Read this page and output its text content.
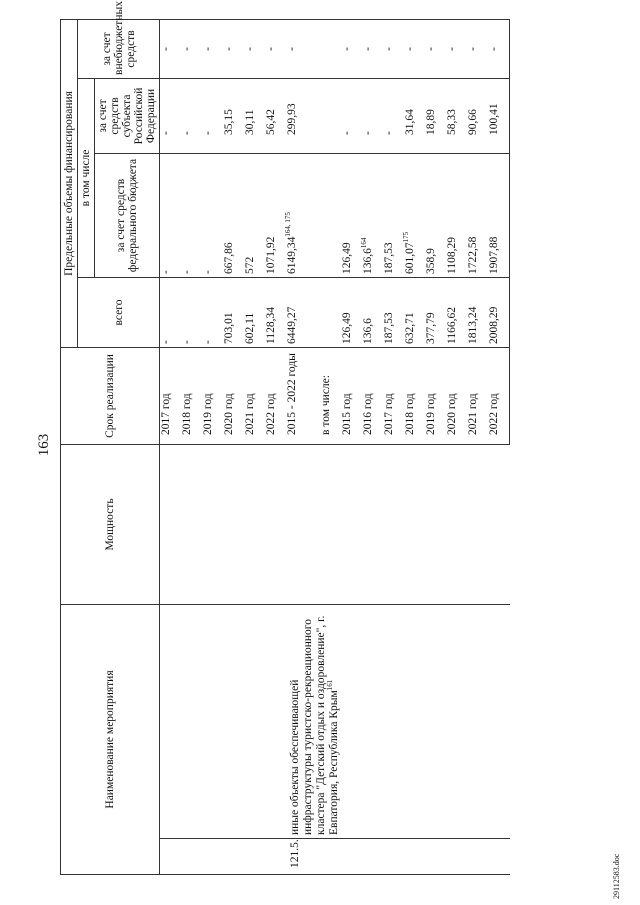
163
Наименование мероприятия		Мощность	Срок реализации	Предельные объемы финансирования			
				всего	в том числе		за счет внебюджетных средств
					за счет средств федерального бюджета	за счет средств субъекта Российской Федерации	
			2017 год	-	-	-	-
			2018 год	-	-	-	-
			2019 год	-	-	-	-
			2020 год	703,01	667,86	35,15	-
			2021 год	602,11	572	30,11	-
			2022 год	1128,34	1071,92	56,42	-
121.5.	иные объекты обеспечивающей инфраструктуры туристско-рекреационного кластера "Детский отдых и оздоровление", г. Евпатория, Республика Крым$^{161}$		2015 - 2022 годы	6449,27	6149,34$^{164, 175}$	299,93	-
			в том числе:				
			2015 год	126,49	126,49	-	-
			2016 год	136,6	136,6$^{164}$	-	-
			2017 год	187,53	187,53	-	-
			2018 год	632,71	601,07$^{175}$	31,64	-
			2019 год	377,79	358,9	18,89	-
			2020 год	1166,62	1108,29	58,33	-
			2021 год	1813,24	1722,58	90,66	-
			2022 год	2008,29	1907,88	100,41	-
29112583.doc
